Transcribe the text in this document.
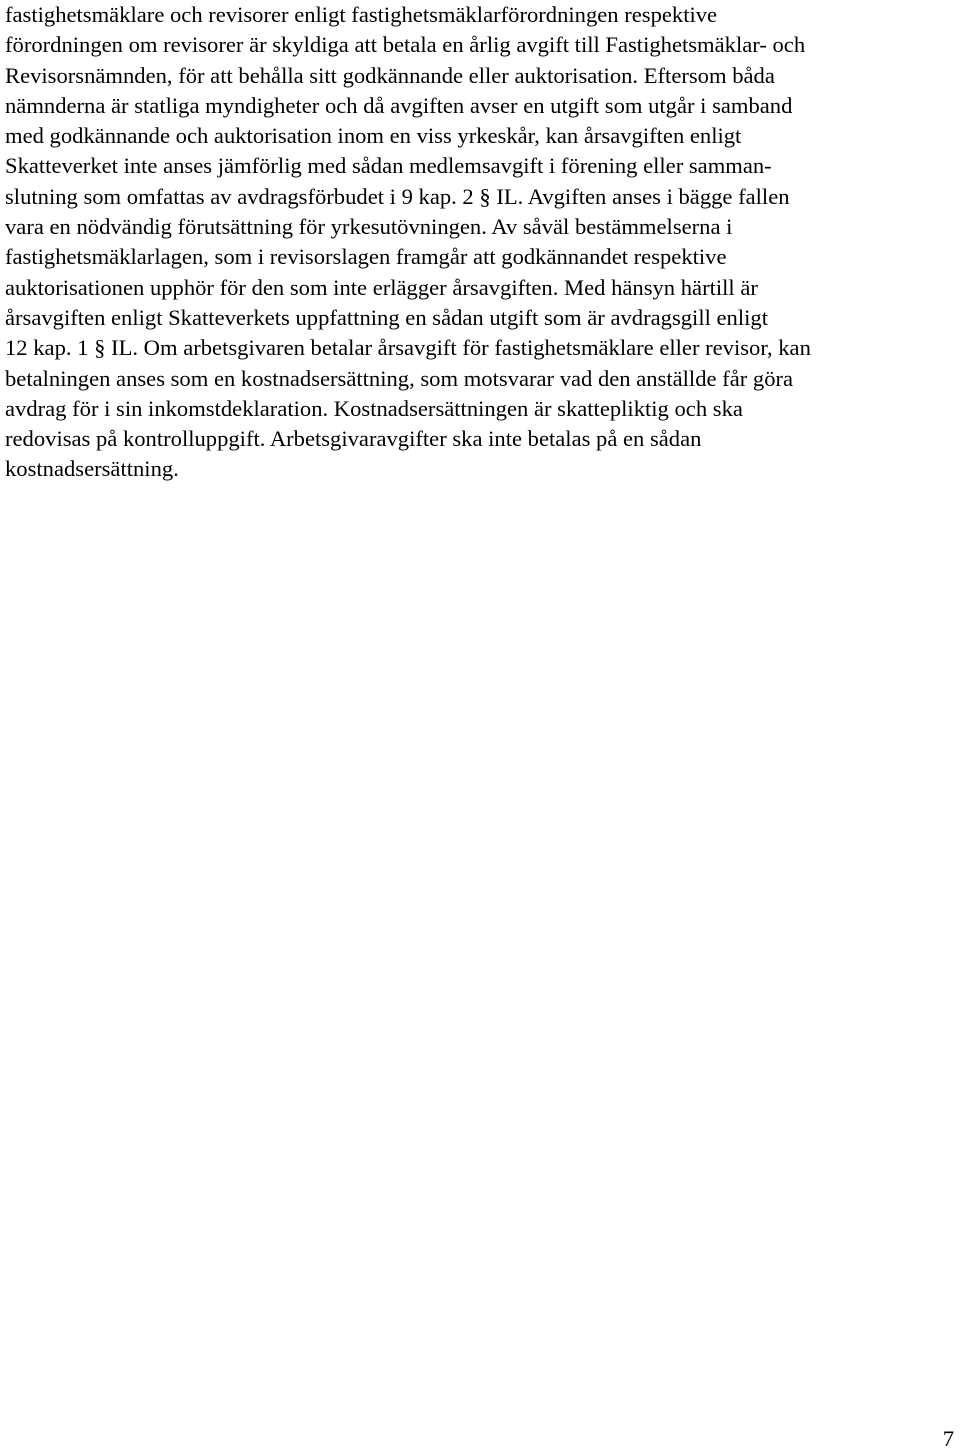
fastighetsmäklare och revisorer enligt fastighetsmäklarförordningen respektive
förordningen om revisorer är skyldiga att betala en årlig avgift till Fastighetsmäklar- och
Revisorsnämnden, för att behålla sitt godkännande eller auktorisation. Eftersom båda
nämnderna är statliga myndigheter och då avgiften avser en utgift som utgår i samband
med godkännande och auktorisation inom en viss yrkeskår, kan årsavgiften enligt
Skatteverket inte anses jämförlig med sådan medlemsavgift i förening eller samman-
slutning som omfattas av avdragsförbudet i 9 kap. 2 § IL. Avgiften anses i bägge fallen
vara en nödvändig förutsättning för yrkesutövningen. Av såväl bestämmelserna i
fastighetsmäklarlagen, som i revisorslagen framgår att godkännandet respektive
auktorisationen upphör för den som inte erlägger årsavgiften. Med hänsyn härtill är
årsavgiften enligt Skatteverkets uppfattning en sådan utgift som är avdragsgill enligt
12 kap. 1 § IL. Om arbetsgivaren betalar årsavgift för fastighetsmäklare eller revisor, kan
betalningen anses som en kostnadsersättning, som motsvarar vad den anställde får göra
avdrag för i sin inkomstdeklaration. Kostnadsersättningen är skattepliktig och ska
redovisas på kontrolluppgift. Arbetsgivaravgifter ska inte betalas på en sådan
kostnadsersättning.
7
